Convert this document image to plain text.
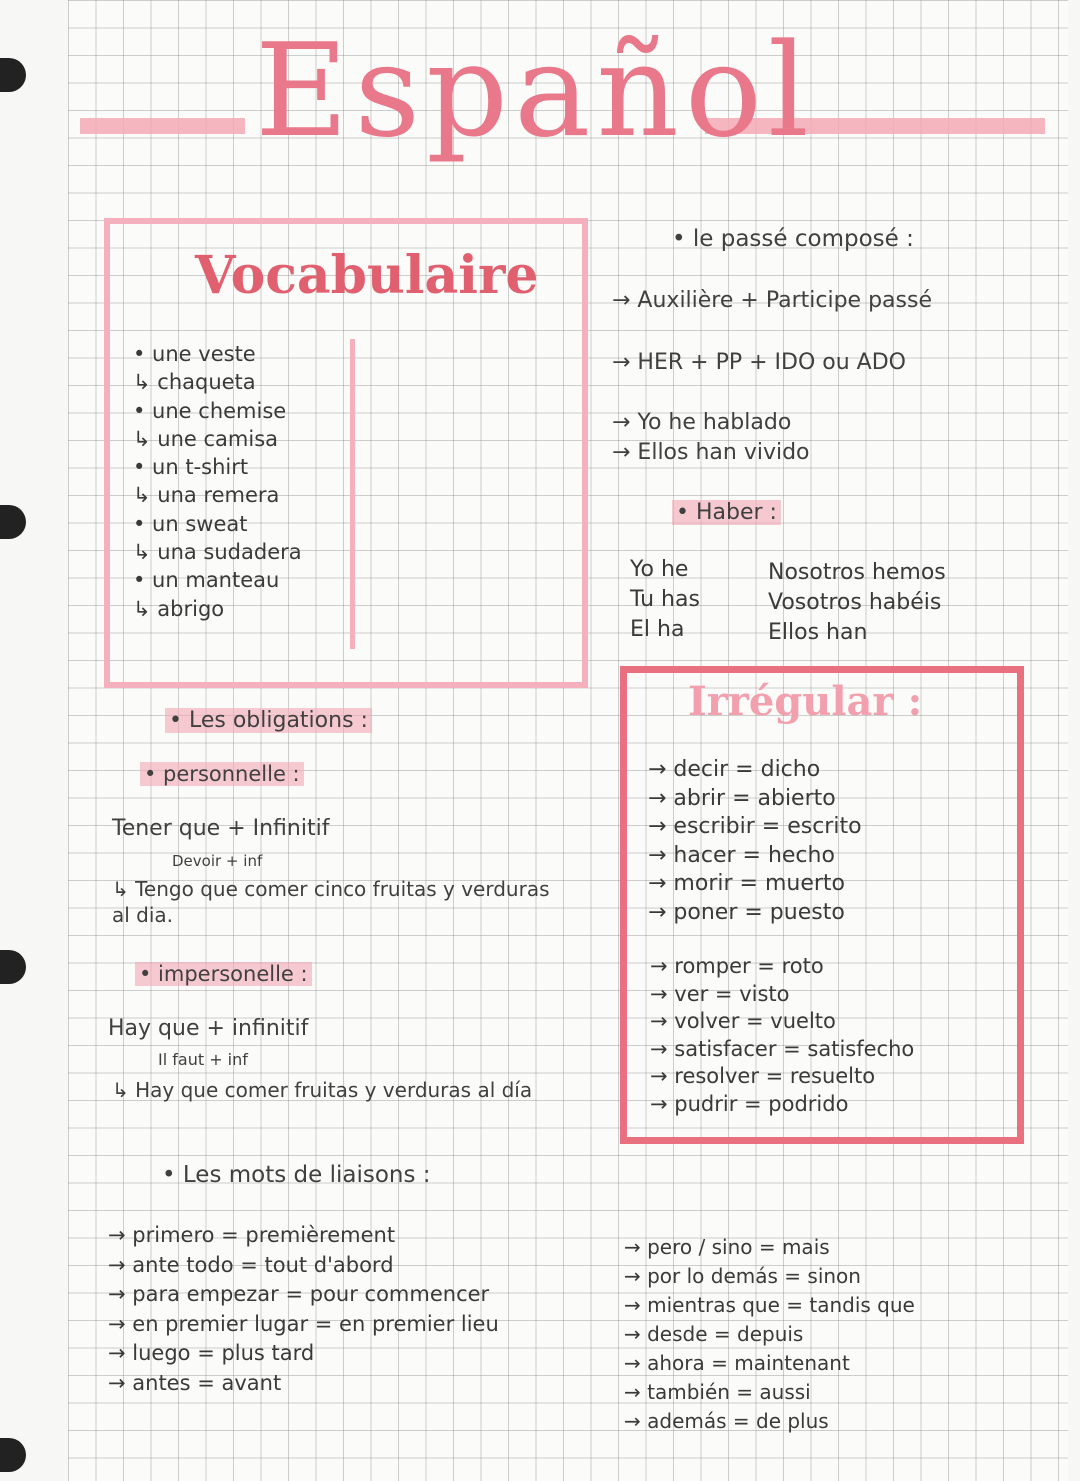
Español
Vocabulaire
• une veste
↳ chaqueta
• une chemise
↳ une camisa
• un t-shirt
↳ una remera
• un sweat
↳ una sudadera
• un manteau
↳ abrigo
• le passé composé :
→ Auxilière + Participe passé
→ HER + PP + IDO ou ADO
→ Yo he hablado
→ Ellos han vivido
• Haber :
Yo he
Tu has
El ha
Nosotros hemos
Vosotros habéis
Ellos han
Irrégular :
→ decir = dicho
→ abrir = abierto
→ escribir = escrito
→ hacer = hecho
→ morir = muerto
→ poner = puesto
→ romper = roto
→ ver = visto
→ volver = vuelto
→ satisfacer = satisfecho
→ resolver = resuelto
→ pudrir = podrido
• Les obligations :
• personnelle :
Tener que + Infinitif
Devoir + inf
↳ Tengo que comer cinco fruitas y verduras
al dia.
• impersonelle :
Hay que + infinitif
Il faut + inf
↳ Hay que comer fruitas y verduras al día
• Les mots de liaisons :
→ primero = premièrement
→ ante todo = tout d'abord
→ para empezar = pour commencer
→ en premier lugar = en premier lieu
→ luego = plus tard
→ antes = avant
→ pero / sino = mais
→ por lo demás = sinon
→ mientras que = tandis que
→ desde = depuis
→ ahora = maintenant
→ también = aussi
→ además = de plus
